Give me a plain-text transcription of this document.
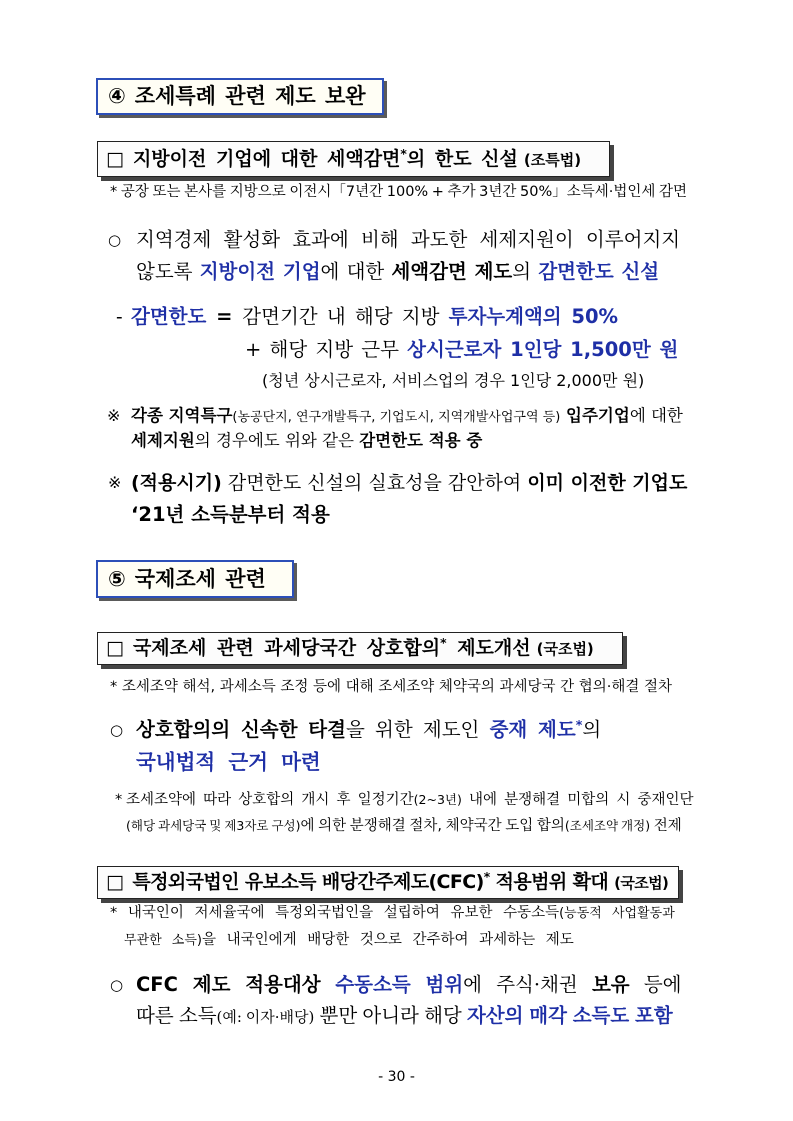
④ 조세특례 관련 제도 보완
□ 지방이전 기업에 대한 세액감면*의 한도 신설 (조특법)
* 공장 또는 본사를 지방으로 이전시「7년간 100% + 추가 3년간 50%」소득세·법인세 감면
○ 지역경제 활성화 효과에 비해 과도한 세제지원이 이루어지지
않도록 지방이전 기업에 대한 세액감면 제도의 감면한도 신설
- 감면한도 = 감면기간 내 해당 지방 투자누계액의 50%
+ 해당 지방 근무 상시근로자 1인당 1,500만 원
(청년 상시근로자, 서비스업의 경우 1인당 2,000만 원)
※ 각종 지역특구(농공단지, 연구개발특구, 기업도시, 지역개발사업구역 등) 입주기업에 대한
세제지원의 경우에도 위와 같은 감면한도 적용 중
※ (적용시기) 감면한도 신설의 실효성을 감안하여 이미 이전한 기업도
‘21년 소득분부터 적용
⑤ 국제조세 관련
□ 국제조세 관련 과세당국간 상호합의* 제도개선 (국조법)
* 조세조약 해석, 과세소득 조정 등에 대해 조세조약 체약국의 과세당국 간 협의·해결 절차
○ 상호합의의 신속한 타결을 위한 제도인 중재 제도*의
국내법적 근거 마련
* 조세조약에 따라 상호합의 개시 후 일정기간(2~3년) 내에 분쟁해결 미합의 시 중재인단
(해당 과세당국 및 제3자로 구성)에 의한 분쟁해결 절차, 체약국간 도입 합의(조세조약 개정) 전제
□ 특정외국법인 유보소득 배당간주제도(CFC)* 적용범위 확대 (국조법)
* 내국인이 저세율국에 특정외국법인을 설립하여 유보한 수동소득(능동적 사업활동과
무관한 소득)을 내국인에게 배당한 것으로 간주하여 과세하는 제도
○ CFC 제도 적용대상 수동소득 범위에 주식·채권 보유 등에
따른 소득(예: 이자·배당) 뿐만 아니라 해당 자산의 매각 소득도 포함
- 30 -
